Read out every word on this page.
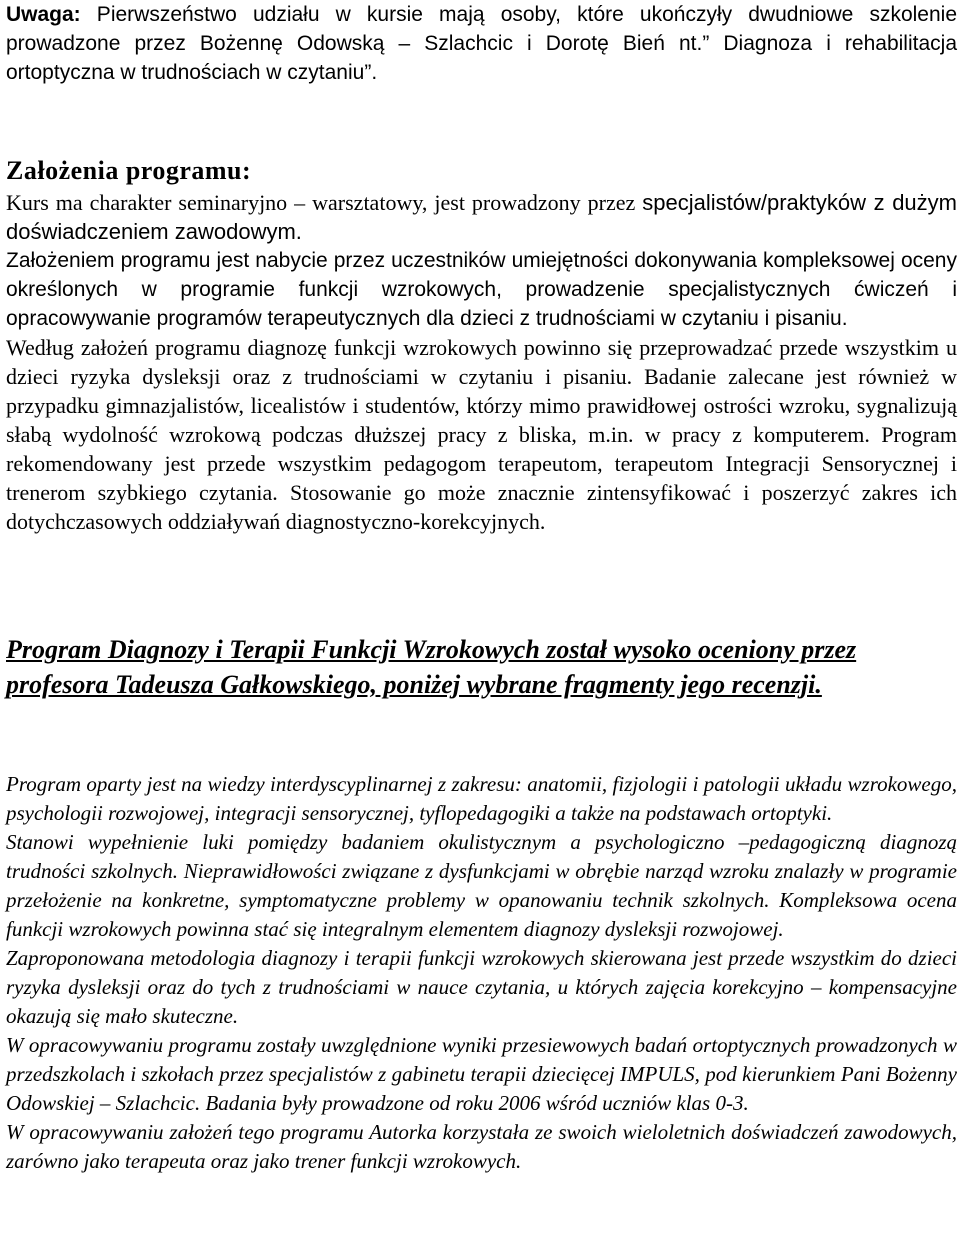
Uwaga: Pierwszeństwo udziału w kursie mają osoby, które ukończyły dwudniowe szkolenie prowadzone przez Bożennę Odowską – Szlachcic i Dorotę Bień nt.” Diagnoza i rehabilitacja ortoptyczna w trudnościach w czytaniu”.

Założenia programu:

Kurs ma charakter seminaryjno – warsztatowy, jest prowadzony przez specjalistów/praktyków z dużym doświadczeniem zawodowym.

Założeniem programu jest nabycie przez uczestników umiejętności dokonywania kompleksowej oceny określonych w programie funkcji wzrokowych, prowadzenie specjalistycznych ćwiczeń i opracowywanie programów terapeutycznych dla dzieci z trudnościami w czytaniu i pisaniu.

Według założeń programu diagnozę funkcji wzrokowych powinno się przeprowadzać przede wszystkim u dzieci ryzyka dysleksji oraz z trudnościami w czytaniu i pisaniu. Badanie zalecane jest również w przypadku gimnazjalistów, licealistów i studentów, którzy mimo prawidłowej ostrości wzroku, sygnalizują słabą wydolność wzrokową podczas dłuższej pracy z bliska, m.in. w pracy z komputerem. Program rekomendowany jest przede wszystkim pedagogom terapeutom, terapeutom Integracji Sensorycznej i trenerom szybkiego czytania. Stosowanie go może znacznie zintensyfikować i poszerzyć zakres ich dotychczasowych oddziaływań diagnostyczno-korekcyjnych.

Program Diagnozy i Terapii Funkcji Wzrokowych został wysoko oceniony przez profesora Tadeusza Gałkowskiego, poniżej wybrane fragmenty jego recenzji.

Program oparty jest na wiedzy interdyscyplinarnej z zakresu: anatomii, fizjologii i patologii układu wzrokowego, psychologii rozwojowej, integracji sensorycznej, tyflopedagogiki a także na podstawach ortoptyki.

Stanowi wypełnienie luki pomiędzy badaniem okulistycznym a psychologiczno –pedagogiczną diagnozą trudności szkolnych. Nieprawidłowości związane z dysfunkcjami w obrębie narząd wzroku znalazły w programie przełożenie na konkretne, symptomatyczne problemy w opanowaniu technik szkolnych. Kompleksowa ocena funkcji wzrokowych powinna stać się integralnym elementem diagnozy dysleksji rozwojowej.

Zaproponowana metodologia diagnozy i terapii funkcji wzrokowych skierowana jest przede wszystkim do dzieci ryzyka dysleksji oraz do tych z trudnościami w nauce czytania, u których zajęcia korekcyjno – kompensacyjne okazują się mało skuteczne.

W opracowywaniu programu zostały uwzględnione wyniki przesiewowych badań ortoptycznych prowadzonych w przedszkolach i szkołach przez specjalistów z gabinetu terapii dziecięcej IMPULS, pod kierunkiem Pani Bożenny Odowskiej – Szlachcic. Badania były prowadzone od roku 2006 wśród uczniów klas 0-3.

W opracowywaniu założeń tego programu Autorka korzystała ze swoich wieloletnich doświadczeń zawodowych, zarówno jako terapeuta oraz jako trener funkcji wzrokowych.
